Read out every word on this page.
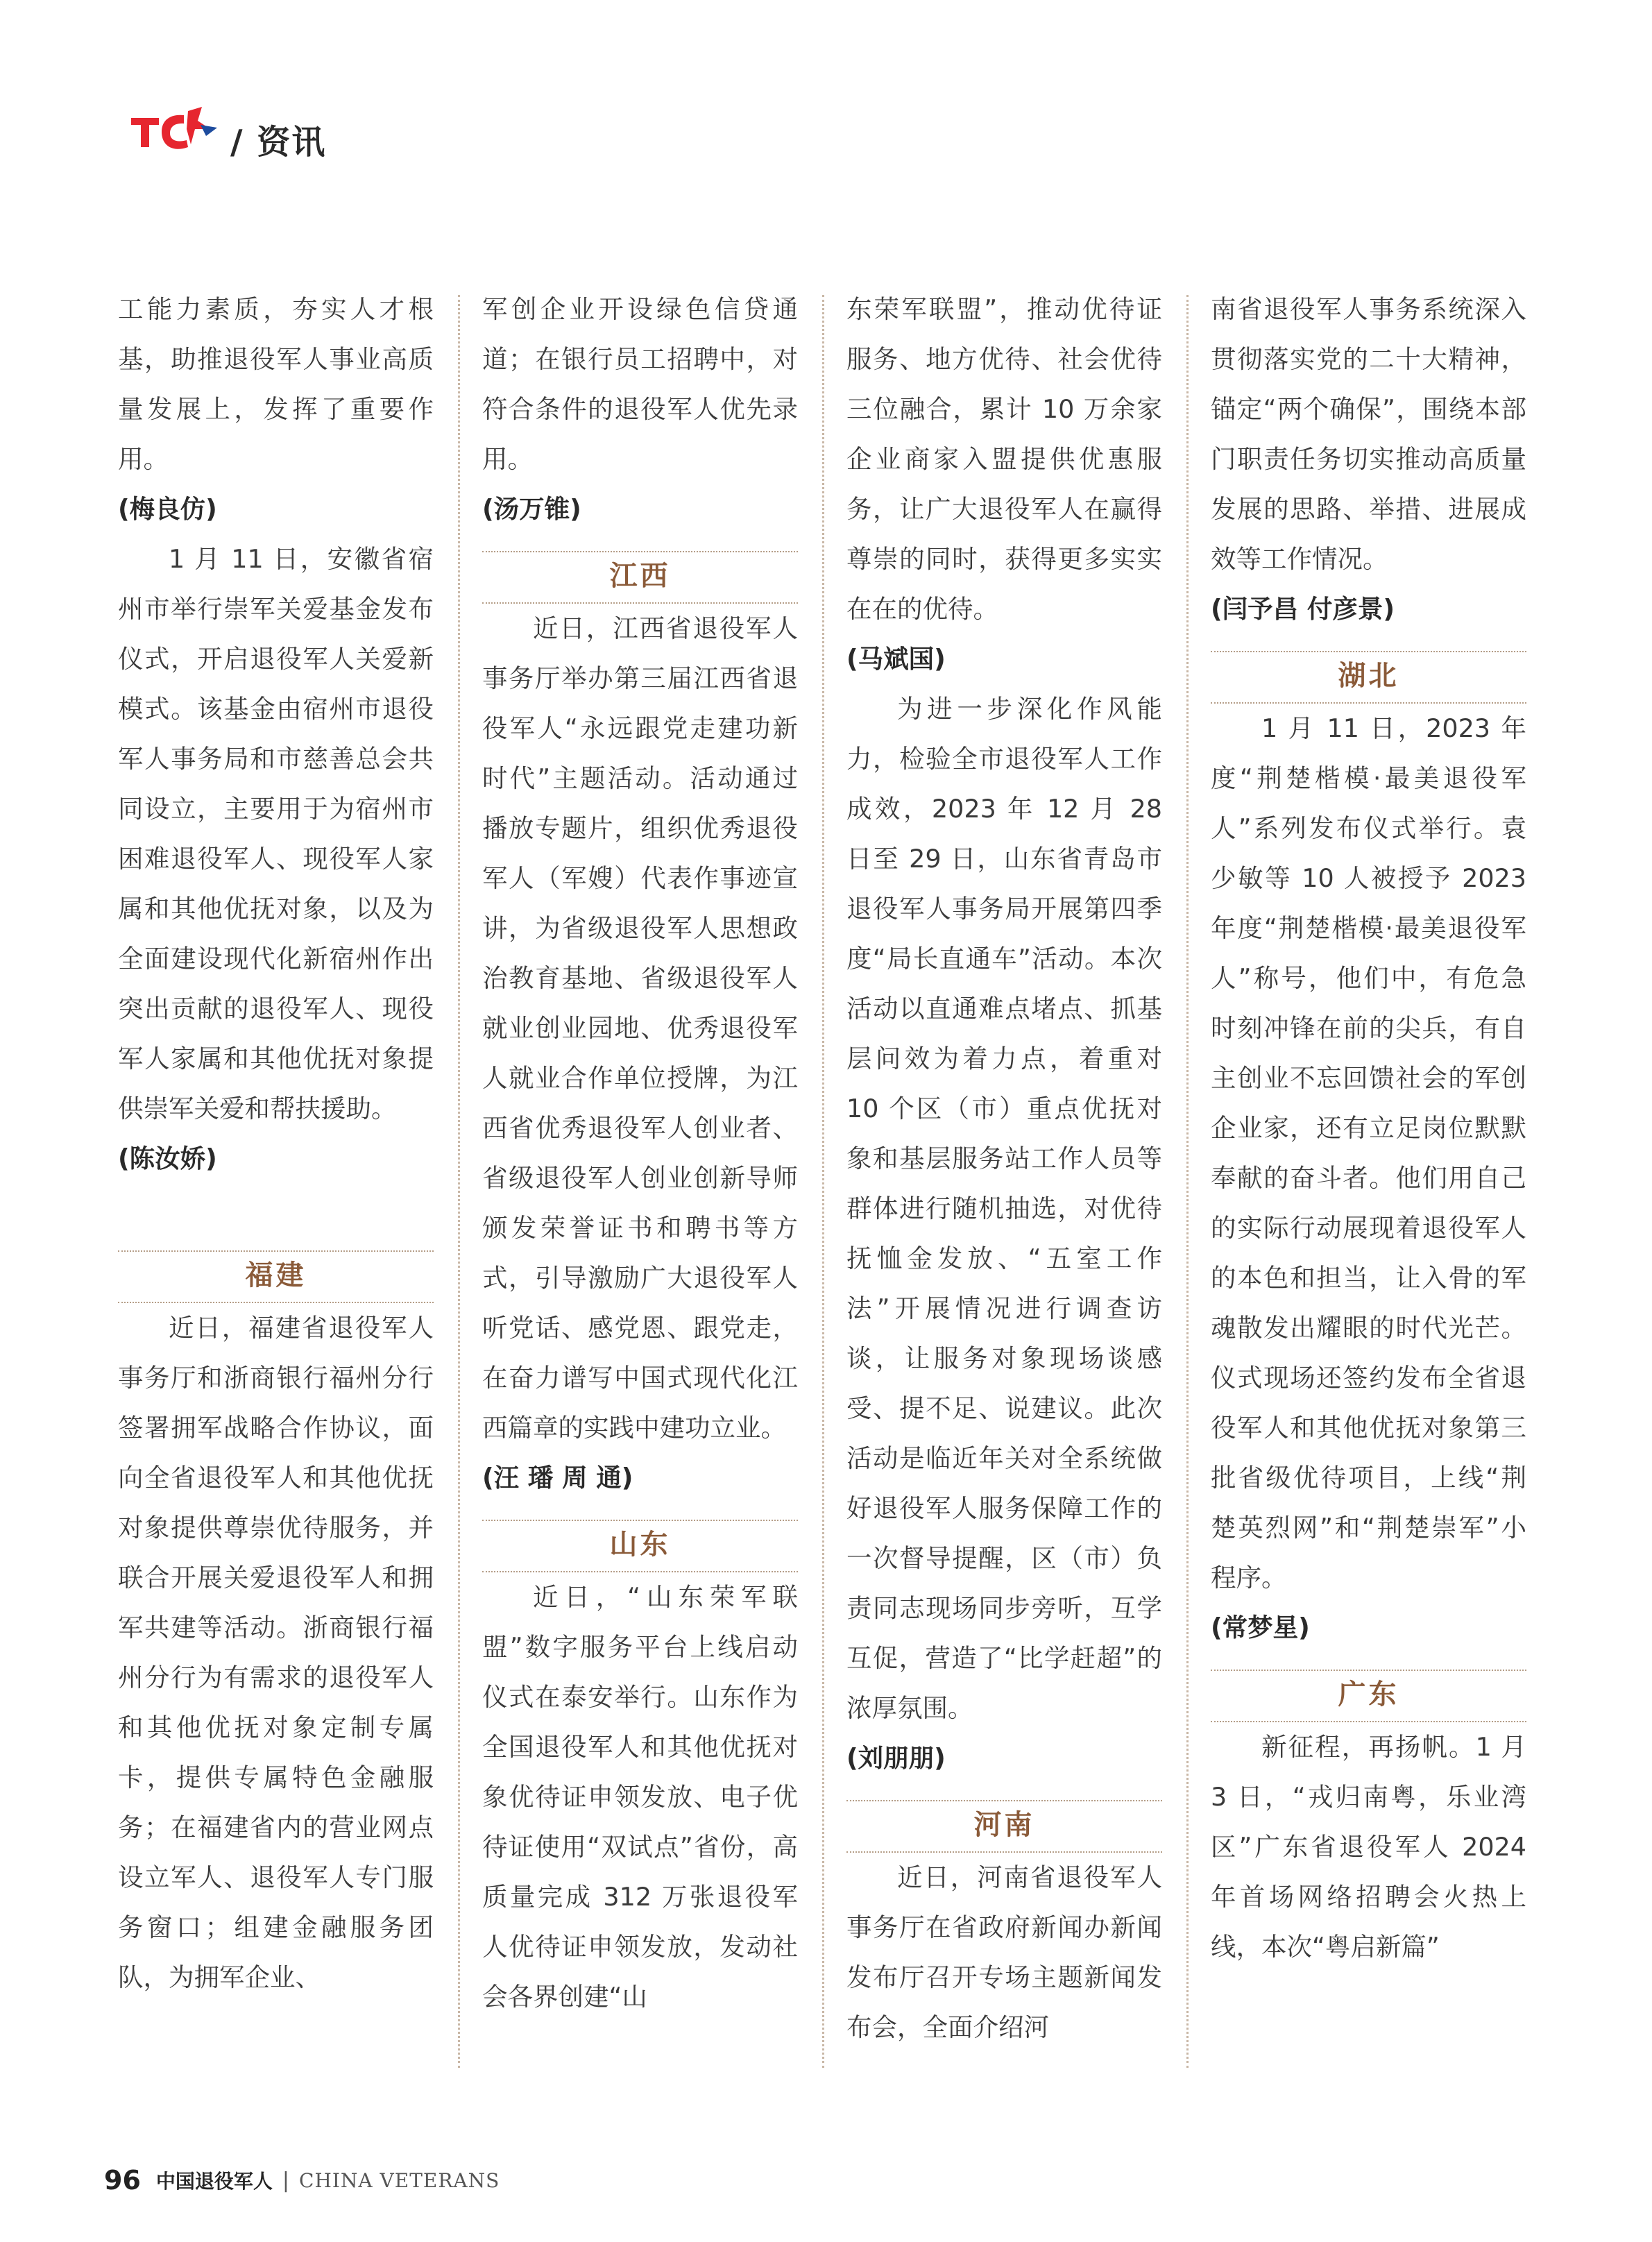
/ 资讯

工能力素质，夯实人才根基，助推退役军人事业高质量发展上，发挥了重要作用。

(梅良仿)

1 月 11 日，安徽省宿州市举行崇军关爱基金发布仪式，开启退役军人关爱新模式。该基金由宿州市退役军人事务局和市慈善总会共同设立，主要用于为宿州市困难退役军人、现役军人家属和其他优抚对象，以及为全面建设现代化新宿州作出突出贡献的退役军人、现役军人家属和其他优抚对象提供崇军关爱和帮扶援助。

(陈汝娇)
福建

近日，福建省退役军人事务厅和浙商银行福州分行签署拥军战略合作协议，面向全省退役军人和其他优抚对象提供尊崇优待服务，并联合开展关爱退役军人和拥军共建等活动。浙商银行福州分行为有需求的退役军人和其他优抚对象定制专属卡，提供专属特色金融服务；在福建省内的营业网点设立军人、退役军人专门服务窗口；组建金融服务团队，为拥军企业、

军创企业开设绿色信贷通道；在银行员工招聘中，对符合条件的退役军人优先录用。

(汤万锥)
江西

近日，江西省退役军人事务厅举办第三届江西省退役军人“永远跟党走建功新时代”主题活动。活动通过播放专题片，组织优秀退役军人（军嫂）代表作事迹宣讲，为省级退役军人思想政治教育基地、省级退役军人就业创业园地、优秀退役军人就业合作单位授牌，为江西省优秀退役军人创业者、省级退役军人创业创新导师颁发荣誉证书和聘书等方式，引导激励广大退役军人听党话、感党恩、跟党走，在奋力谱写中国式现代化江西篇章的实践中建功立业。

(汪 璠 周 通)
山东

近日，“山东荣军联盟”数字服务平台上线启动仪式在泰安举行。山东作为全国退役军人和其他优抚对象优待证申领发放、电子优待证使用“双试点”省份，高质量完成 312 万张退役军人优待证申领发放，发动社会各界创建“山

东荣军联盟”，推动优待证服务、地方优待、社会优待三位融合，累计 10 万余家企业商家入盟提供优惠服务，让广大退役军人在赢得尊崇的同时，获得更多实实在在的优待。

(马斌国)

为进一步深化作风能力，检验全市退役军人工作成效，2023 年 12 月 28 日至 29 日，山东省青岛市退役军人事务局开展第四季度“局长直通车”活动。本次活动以直通难点堵点、抓基层问效为着力点，着重对 10 个区（市）重点优抚对象和基层服务站工作人员等群体进行随机抽选，对优待抚恤金发放、“五室工作法”开展情况进行调查访谈，让服务对象现场谈感受、提不足、说建议。此次活动是临近年关对全系统做好退役军人服务保障工作的一次督导提醒，区（市）负责同志现场同步旁听，互学互促，营造了“比学赶超”的浓厚氛围。

(刘朋朋)
河南

近日，河南省退役军人事务厅在省政府新闻办新闻发布厅召开专场主题新闻发布会，全面介绍河

南省退役军人事务系统深入贯彻落实党的二十大精神，锚定“两个确保”，围绕本部门职责任务切实推动高质量发展的思路、举措、进展成效等工作情况。

(闫予昌 付彦景)
湖北

1 月 11 日，2023 年度“荆楚楷模·最美退役军人”系列发布仪式举行。袁少敏等 10 人被授予 2023 年度“荆楚楷模·最美退役军人”称号，他们中，有危急时刻冲锋在前的尖兵，有自主创业不忘回馈社会的军创企业家，还有立足岗位默默奉献的奋斗者。他们用自己的实际行动展现着退役军人的本色和担当，让入骨的军魂散发出耀眼的时代光芒。仪式现场还签约发布全省退役军人和其他优抚对象第三批省级优待项目，上线“荆楚英烈网”和“荆楚崇军”小程序。

(常梦星)
广东

新征程，再扬帆。1 月 3 日，“戎归南粤，乐业湾区”广东省退役军人 2024 年首场网络招聘会火热上线，本次“粤启新篇”

96 中国退役军人 | CHINA VETERANS
